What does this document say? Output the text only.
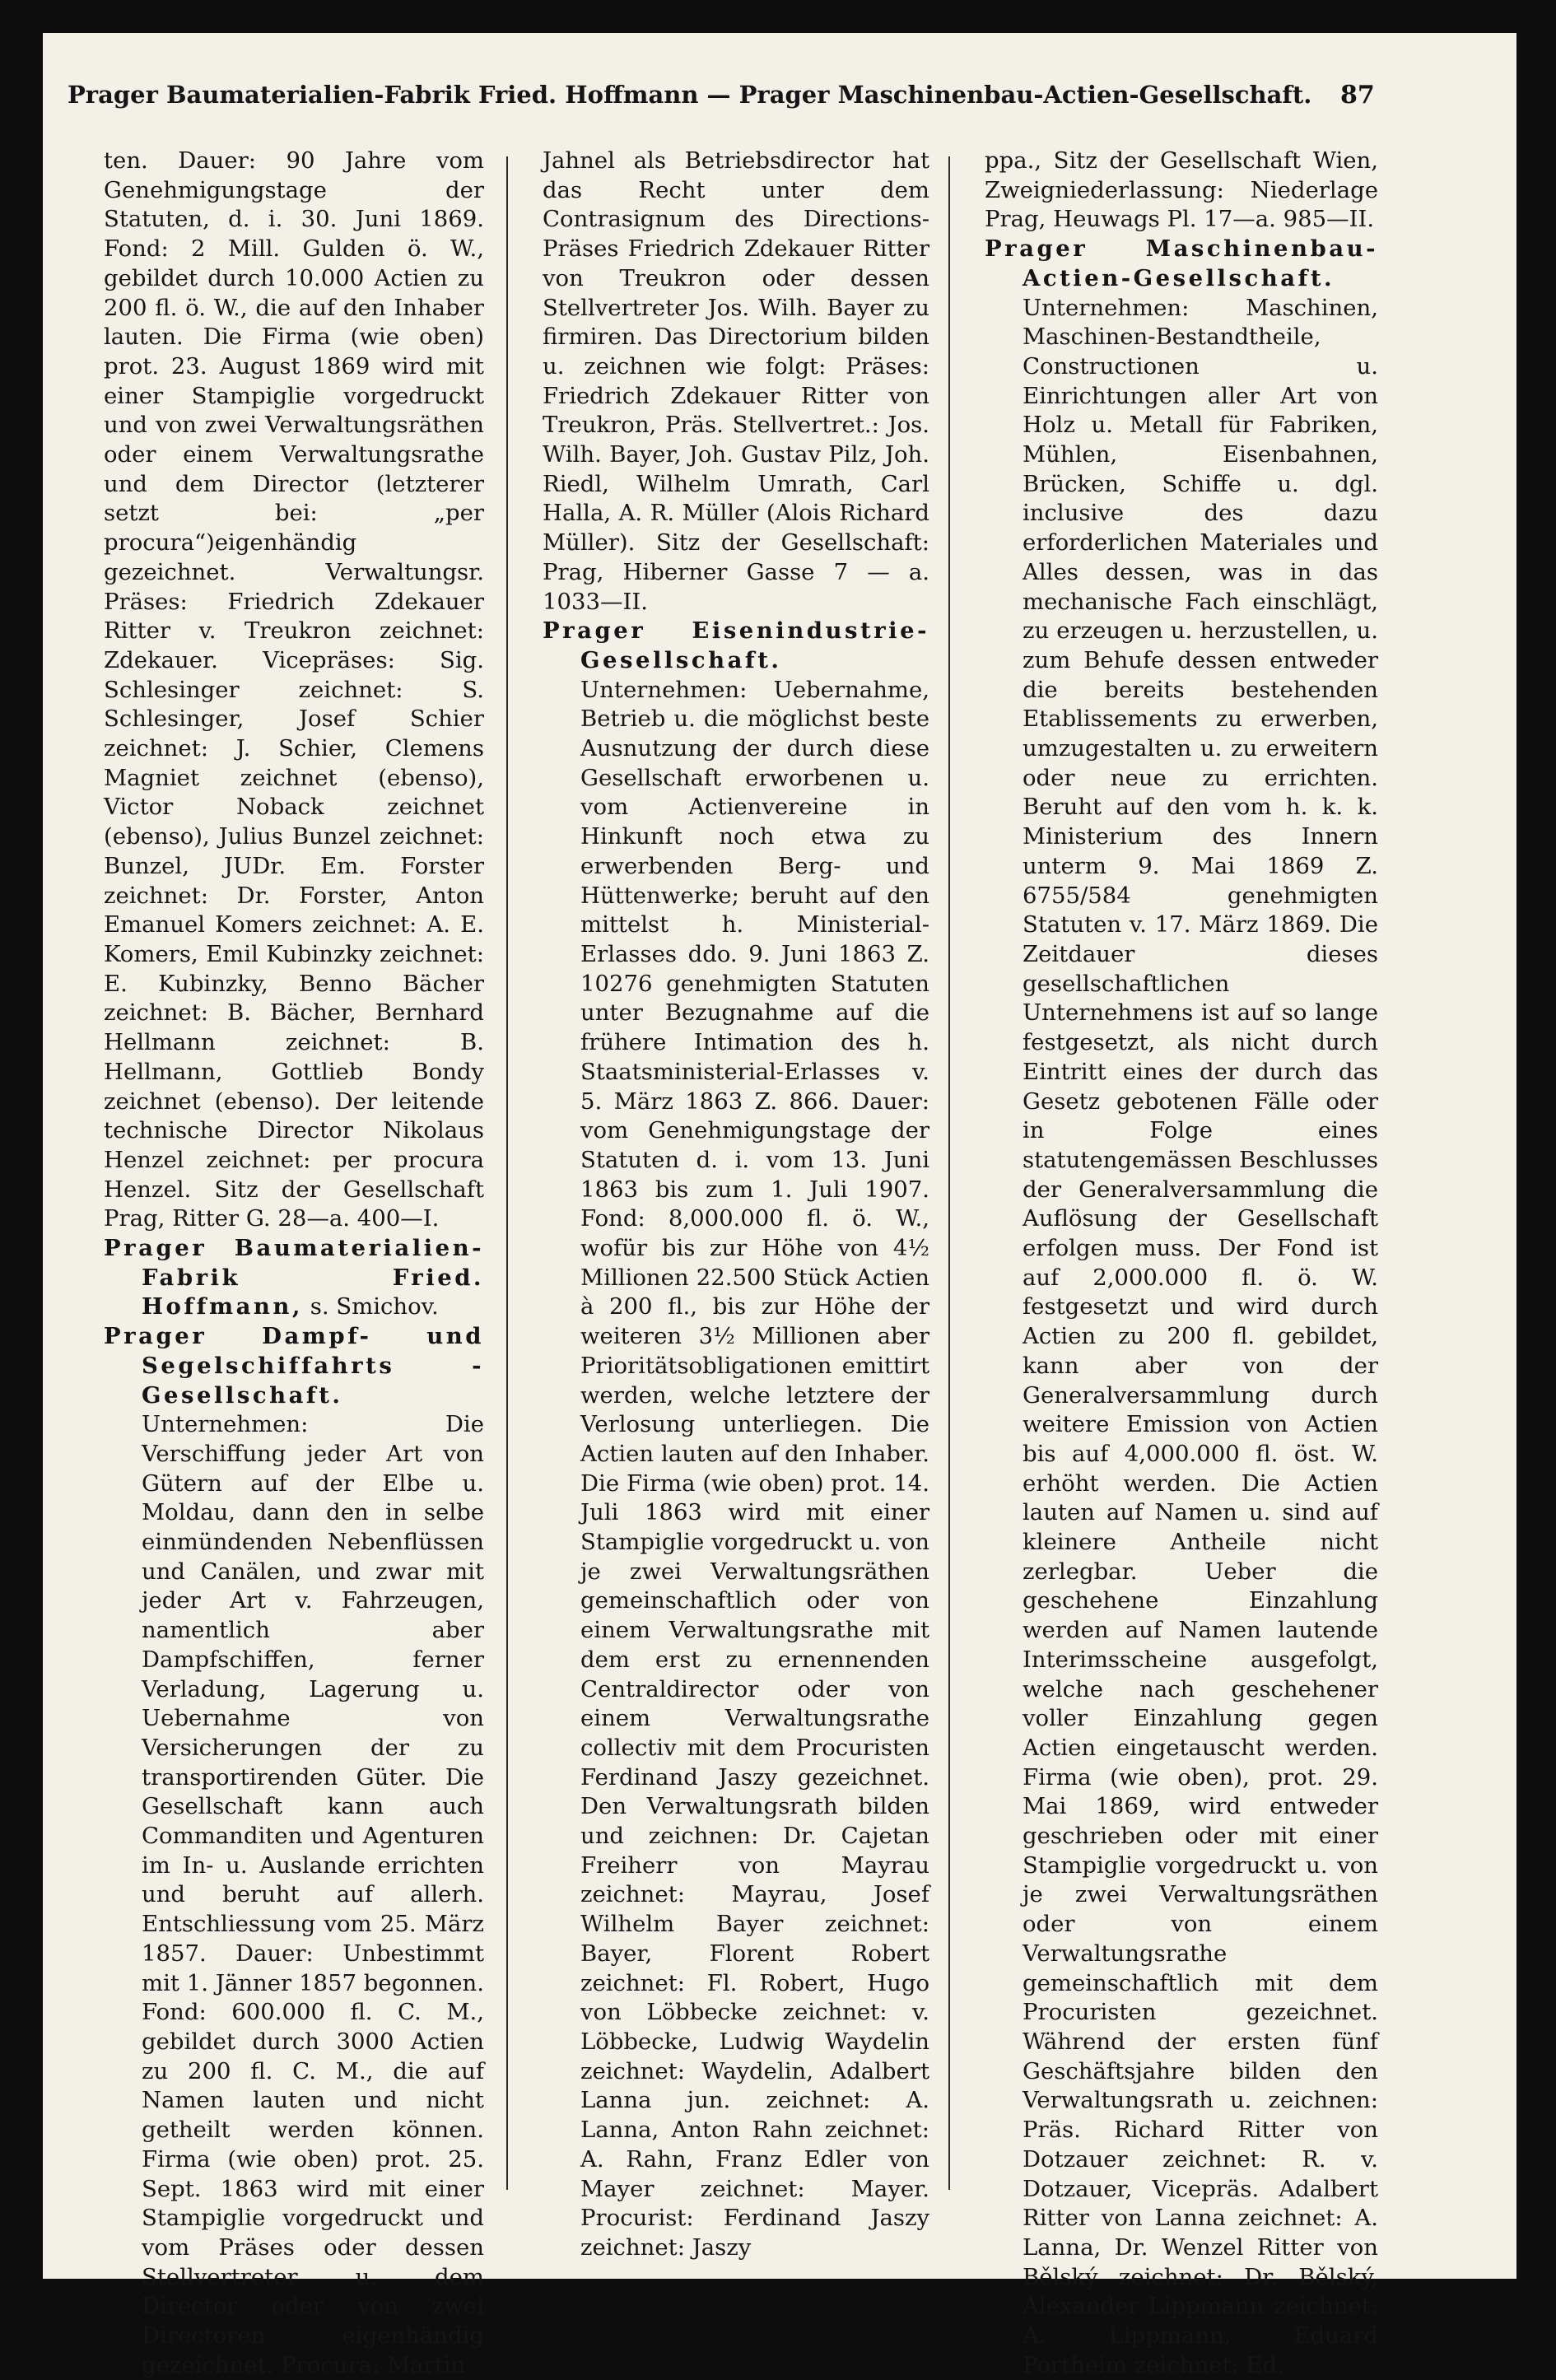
Prager Baumaterialien-Fabrik Fried. Hoffmann — Prager Maschinenbau-Actien-Gesellschaft.	87

ten. Dauer: 90 Jahre vom Genehmigungstage der Statuten, d. i. 30. Juni 1869. Fond: 2 Mill. Gulden ö. W., gebildet durch 10.000 Actien zu 200 fl. ö. W., die auf den Inhaber lauten. Die Firma (wie oben) prot. 23. August 1869 wird mit einer Stampiglie vorgedruckt und von zwei Verwaltungsräthen oder einem Verwaltungsrathe und dem Director (letzterer setzt bei: „per procura“)eigenhändig gezeichnet. Verwaltungsr. Präses: Friedrich Zdekauer Ritter v. Treukron zeichnet: Zdekauer. Vicepräses: Sig. Schlesinger zeichnet: S. Schlesinger, Josef Schier zeichnet: J. Schier, Clemens Magniet zeichnet (ebenso), Victor Noback zeichnet (ebenso), Julius Bunzel zeichnet: Bunzel, JUDr. Em. Forster zeichnet: Dr. Forster, Anton Emanuel Komers zeichnet: A. E. Komers, Emil Kubinzky zeichnet: E. Kubinzky, Benno Bächer zeichnet: B. Bächer, Bernhard Hellmann zeichnet: B. Hellmann, Gottlieb Bondy zeichnet (ebenso). Der leitende technische Director Nikolaus Henzel zeichnet: per procura Henzel. Sitz der Gesellschaft Prag, Ritter G. 28—a. 400—I.

Prager Baumaterialien-Fabrik Fried. Hoffmann, s. Smichov.

Prager Dampf- und Segelschiffahrts - Gesellschaft. Unternehmen: Die Verschiffung jeder Art von Gütern auf der Elbe u. Moldau, dann den in selbe einmündenden Nebenflüssen und Canälen, und zwar mit jeder Art v. Fahrzeugen, namentlich aber Dampfschiffen, ferner Verladung, Lagerung u. Uebernahme von Versicherungen der zu transportirenden Güter. Die Gesellschaft kann auch Commanditen und Agenturen im In- u. Auslande errichten und beruht auf allerh. Entschliessung vom 25. März 1857. Dauer: Unbestimmt mit 1. Jänner 1857 begonnen. Fond: 600.000 fl. C. M., gebildet durch 3000 Actien zu 200 fl. C. M., die auf Namen lauten und nicht getheilt werden können. Firma (wie oben) prot. 25. Sept. 1863 wird mit einer Stampiglie vorgedruckt und vom Präses oder dessen Stellvertreter u. dem Director oder von zwei Directoren eigenhändig gezeichnet. Procura: Martin

Jahnel als Betriebsdirector hat das Recht unter dem Contrasignum des Directions-Präses Friedrich Zdekauer Ritter von Treukron oder dessen Stellvertreter Jos. Wilh. Bayer zu firmiren. Das Directorium bilden u. zeichnen wie folgt: Präses: Friedrich Zdekauer Ritter von Treukron, Präs. Stellvertret.: Jos. Wilh. Bayer, Joh. Gustav Pilz, Joh. Riedl, Wilhelm Umrath, Carl Halla, A. R. Müller (Alois Richard Müller). Sitz der Gesellschaft: Prag, Hiberner Gasse 7 — a. 1033—II.

Prager Eisenindustrie-Gesellschaft. Unternehmen: Uebernahme, Betrieb u. die möglichst beste Ausnutzung der durch diese Gesellschaft erworbenen u. vom Actienvereine in Hinkunft noch etwa zu erwerbenden Berg- und Hüttenwerke; beruht auf den mittelst h. Ministerial-Erlasses ddo. 9. Juni 1863 Z. 10276 genehmigten Statuten unter Bezugnahme auf die frühere Intimation des h. Staatsministerial-Erlasses v. 5. März 1863 Z. 866. Dauer: vom Genehmigungstage der Statuten d. i. vom 13. Juni 1863 bis zum 1. Juli 1907. Fond: 8,000.000 fl. ö. W., wofür bis zur Höhe von 4½ Millionen 22.500 Stück Actien à 200 fl., bis zur Höhe der weiteren 3½ Millionen aber Prioritätsobligationen emittirt werden, welche letztere der Verlosung unterliegen. Die Actien lauten auf den Inhaber. Die Firma (wie oben) prot. 14. Juli 1863 wird mit einer Stampiglie vorgedruckt u. von je zwei Verwaltungsräthen gemeinschaftlich oder von einem Verwaltungsrathe mit dem erst zu ernennenden Centraldirector oder von einem Verwaltungsrathe collectiv mit dem Procuristen Ferdinand Jaszy gezeichnet. Den Verwaltungsrath bilden und zeichnen: Dr. Cajetan Freiherr von Mayrau zeichnet: Mayrau, Josef Wilhelm Bayer zeichnet: Bayer, Florent Robert zeichnet: Fl. Robert, Hugo von Löbbecke zeichnet: v. Löbbecke, Ludwig Waydelin zeichnet: Waydelin, Adalbert Lanna jun. zeichnet: A. Lanna, Anton Rahn zeichnet: A. Rahn, Franz Edler von Mayer zeichnet: Mayer. Procurist: Ferdinand Jaszy zeichnet: Jaszy

ppa., Sitz der Gesellschaft Wien, Zweigniederlassung: Niederlage Prag, Heuwags Pl. 17—a. 985—II.

Prager Maschinenbau-Actien-Gesellschaft. Unternehmen: Maschinen, Maschinen-Bestandtheile, Constructionen u. Einrichtungen aller Art von Holz u. Metall für Fabriken, Mühlen, Eisenbahnen, Brücken, Schiffe u. dgl. inclusive des dazu erforderlichen Materiales und Alles dessen, was in das mechanische Fach einschlägt, zu erzeugen u. herzustellen, u. zum Behufe dessen entweder die bereits bestehenden Etablissements zu erwerben, umzugestalten u. zu erweitern oder neue zu errichten. Beruht auf den vom h. k. k. Ministerium des Innern unterm 9. Mai 1869 Z. 6755/584 genehmigten Statuten v. 17. März 1869. Die Zeitdauer dieses gesellschaftlichen Unternehmens ist auf so lange festgesetzt, als nicht durch Eintritt eines der durch das Gesetz gebotenen Fälle oder in Folge eines statutengemässen Beschlusses der Generalversammlung die Auflösung der Gesellschaft erfolgen muss. Der Fond ist auf 2,000.000 fl. ö. W. festgesetzt und wird durch Actien zu 200 fl. gebildet, kann aber von der Generalversammlung durch weitere Emission von Actien bis auf 4,000.000 fl. öst. W. erhöht werden. Die Actien lauten auf Namen u. sind auf kleinere Antheile nicht zerlegbar. Ueber die geschehene Einzahlung werden auf Namen lautende Interimsscheine ausgefolgt, welche nach geschehener voller Einzahlung gegen Actien eingetauscht werden. Firma (wie oben), prot. 29. Mai 1869, wird entweder geschrieben oder mit einer Stampiglie vorgedruckt u. von je zwei Verwaltungsräthen oder von einem Verwaltungsrathe gemeinschaftlich mit dem Procuristen gezeichnet. Während der ersten fünf Geschäftsjahre bilden den Verwaltungsrath u. zeichnen: Präs. Richard Ritter von Dotzauer zeichnet: R. v. Dotzauer, Vicepräs. Adalbert Ritter von Lanna zeichnet: A. Lanna, Dr. Wenzel Ritter von Bělský zeichnet: Dr. Bělský, Alexander Lippmann zeichnet: A. Lippmann, Eduard Portheim zeichnet: Ed.
